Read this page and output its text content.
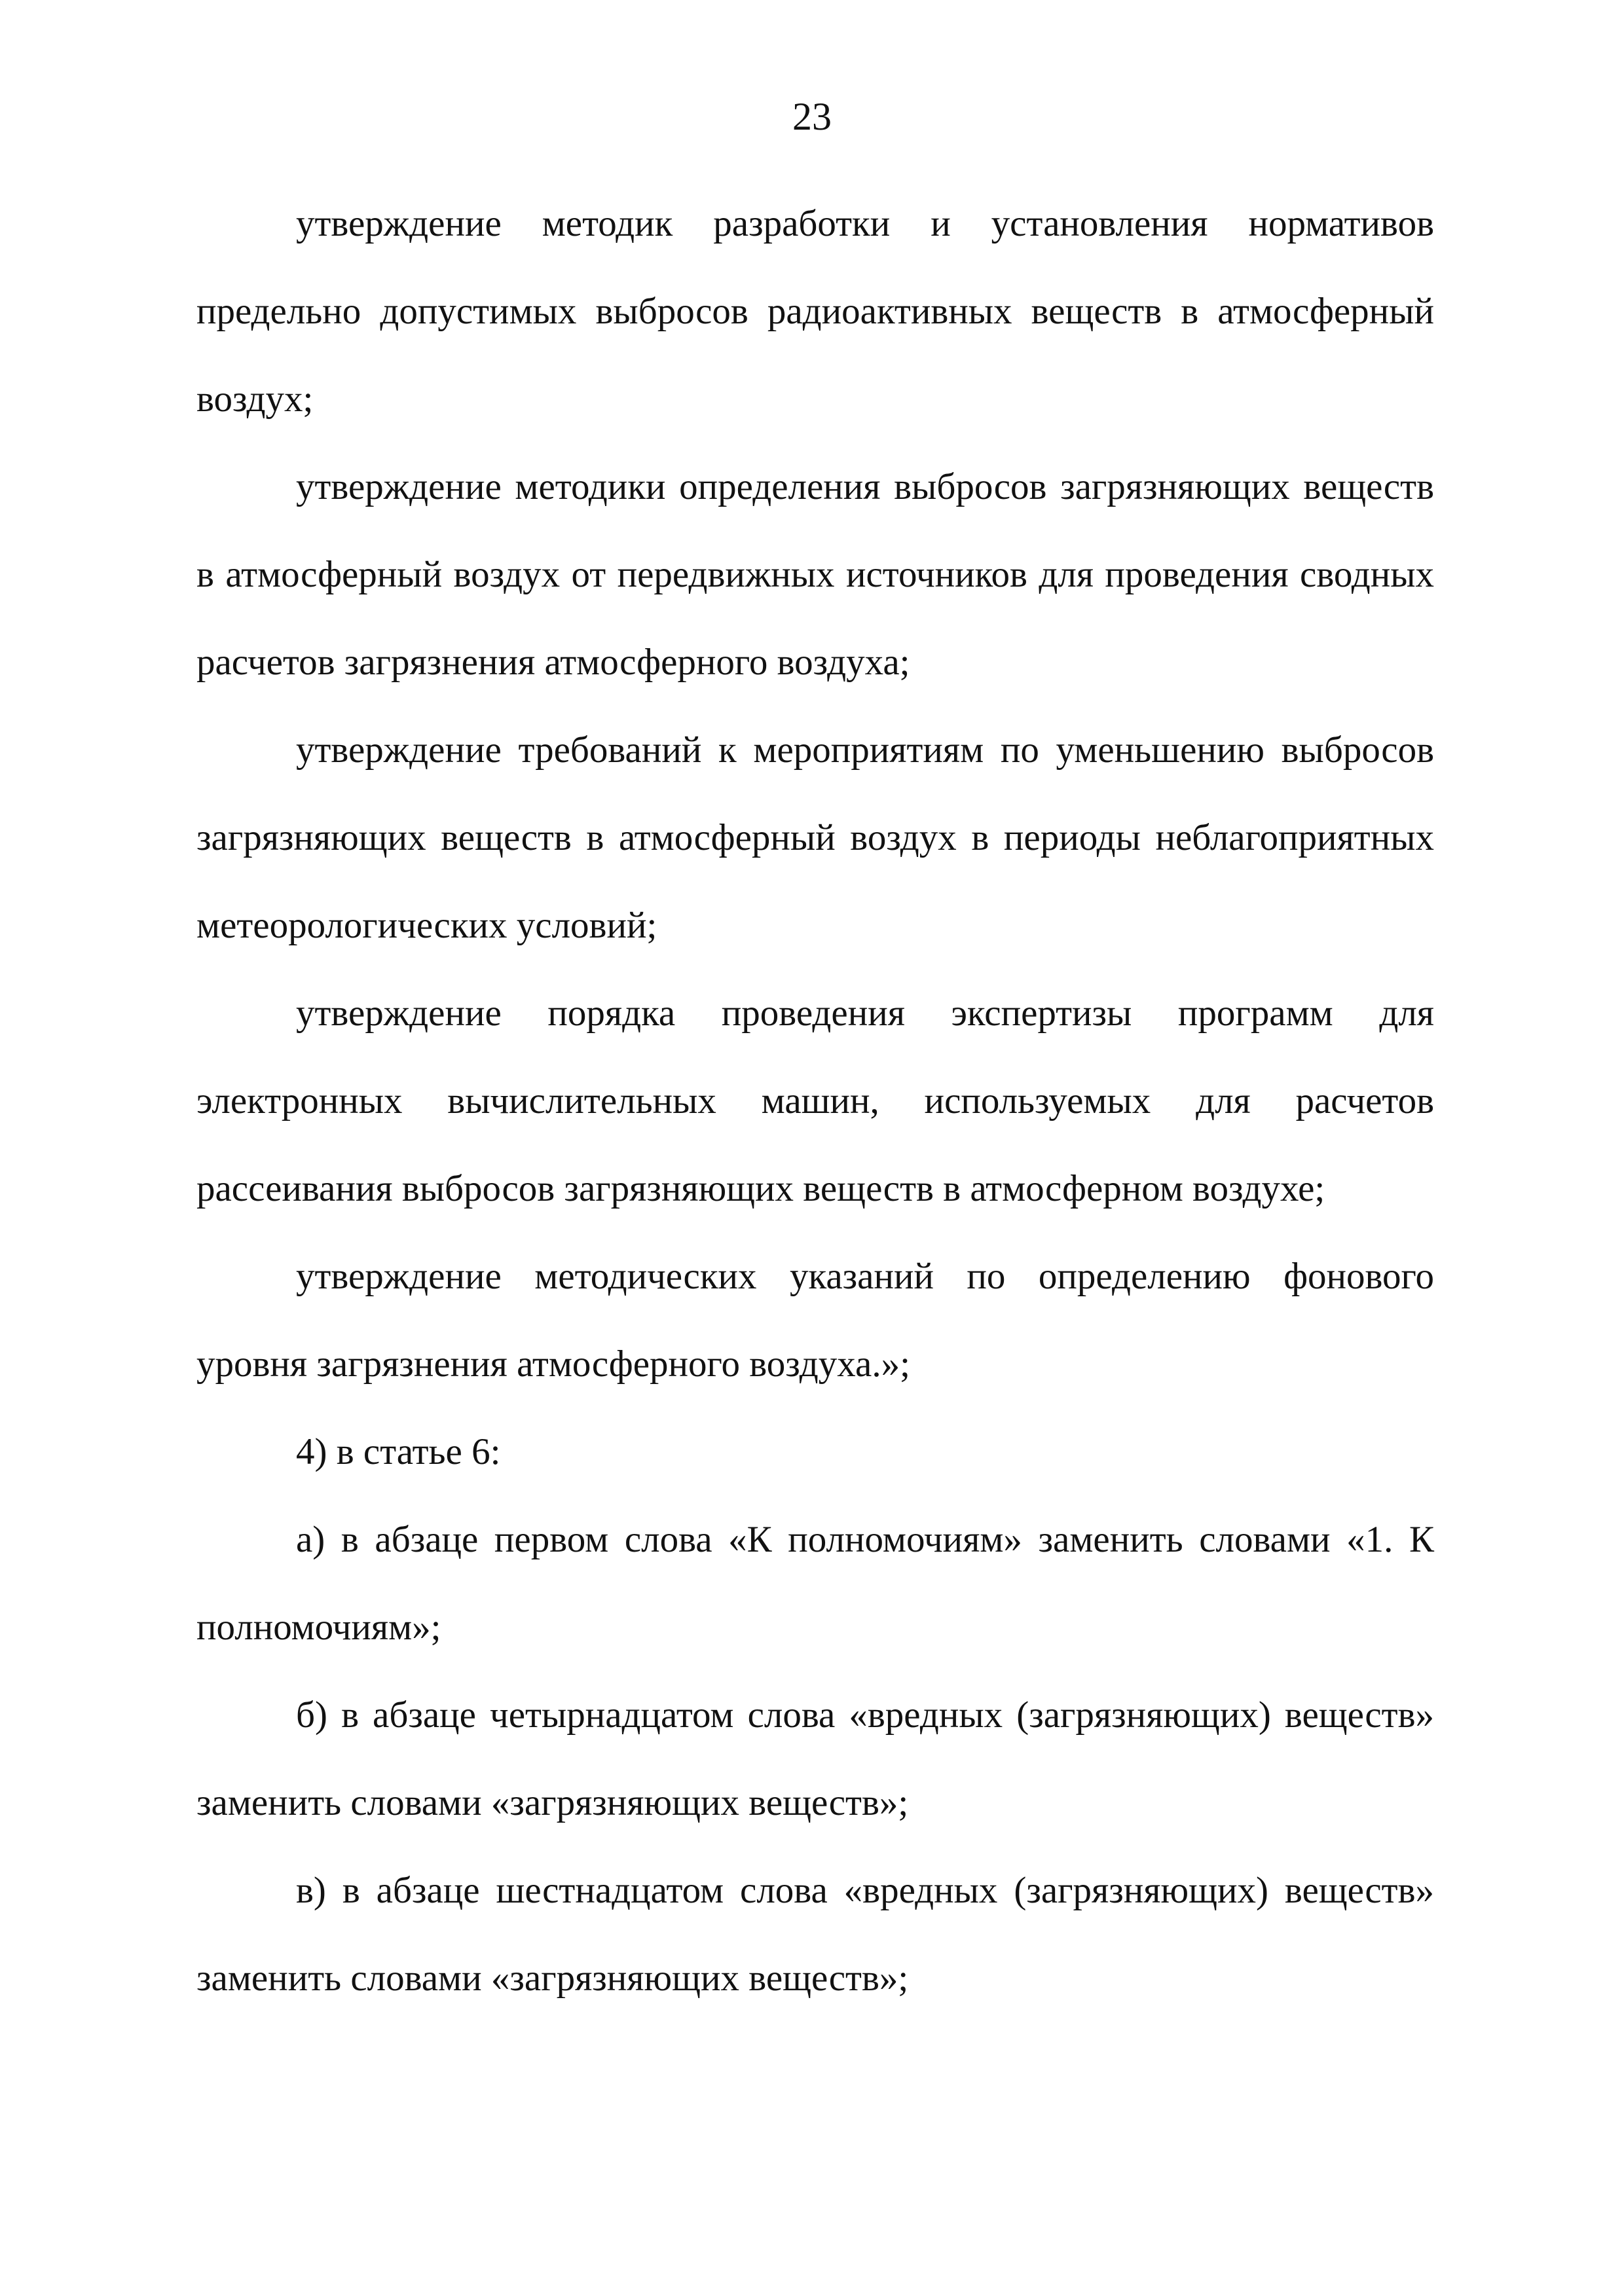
23

утверждение методик разработки и установления нормативов предельно допустимых выбросов радиоактивных веществ в атмосферный воздух;

утверждение методики определения выбросов загрязняющих веществ в атмосферный воздух от передвижных источников для проведения сводных расчетов загрязнения атмосферного воздуха;

утверждение требований к мероприятиям по уменьшению выбросов загрязняющих веществ в атмосферный воздух в периоды неблагоприятных метеорологических условий;

утверждение порядка проведения экспертизы программ для электронных вычислительных машин, используемых для расчетов рассеивания выбросов загрязняющих веществ в атмосферном воздухе;

утверждение методических указаний по определению фонового уровня загрязнения атмосферного воздуха.»;

4) в статье 6:

а) в абзаце первом слова «К полномочиям» заменить словами «1. К полномочиям»;

б) в абзаце четырнадцатом слова «вредных (загрязняющих) веществ» заменить словами «загрязняющих веществ»;

в) в абзаце шестнадцатом слова «вредных (загрязняющих) веществ» заменить словами «загрязняющих веществ»;
